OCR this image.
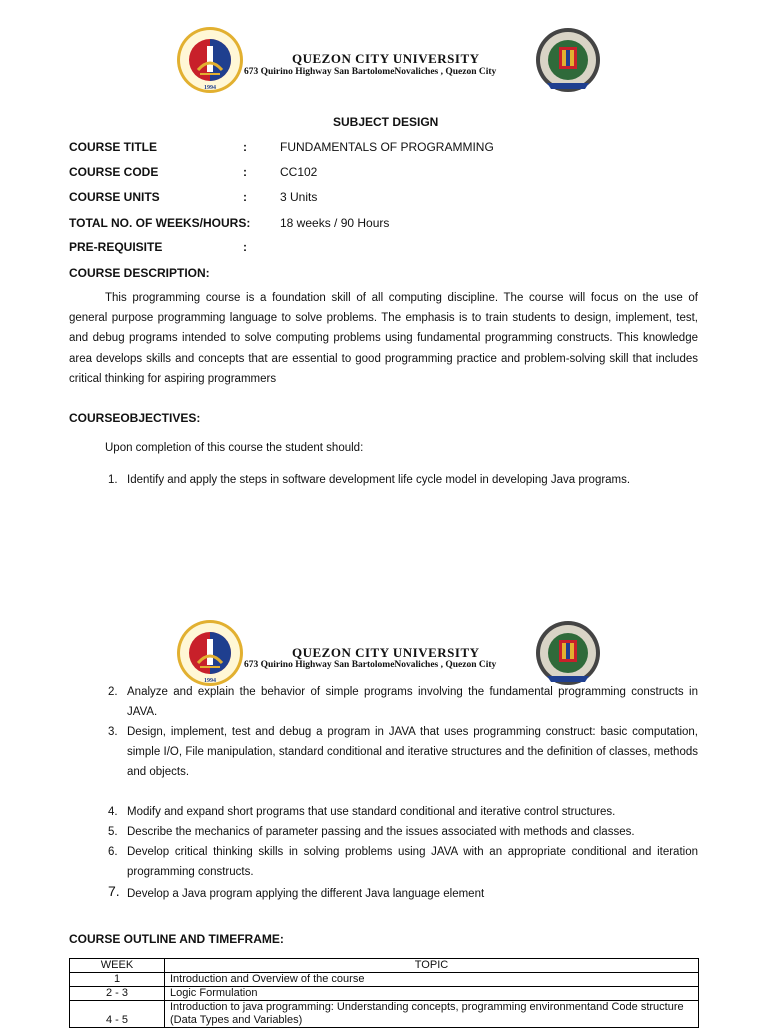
1994
QUEZON CITY UNIVERSITY
673 Quirino Highway San BartolomeNovaliches , Quezon City
SUBJECT DESIGN
COURSE TITLE	:	FUNDAMENTALS OF PROGRAMMING
COURSE CODE	:	CC102
COURSE UNITS	:	3 Units
TOTAL NO. OF WEEKS/HOURS: 18 weeks / 90 Hours
PRE-REQUISITE	:
COURSE DESCRIPTION:
This programming course is a foundation skill of all computing discipline. The course will focus on the use of
general purpose programming language to solve problems. The emphasis is to train students to design, implement, test,
and debug programs intended to solve computing problems using fundamental programming constructs. This knowledge
area develops skills and concepts that are essential to good programming practice and problem-solving skill that includes
critical thinking for aspiring programmers
COURSEOBJECTIVES:
Upon completion of this course the student should:
1. Identify and apply the steps in software development life cycle model in developing Java programs.
1994
QUEZON CITY UNIVERSITY
673 Quirino Highway San BartolomeNovaliches , Quezon City
2. Analyze and explain the behavior of simple programs involving the fundamental programming constructs in JAVA.
3. Design, implement, test and debug a program in JAVA that uses programming construct: basic computation, simple I/O, File manipulation, standard conditional and iterative structures and the definition of classes, methods and objects.
4. Modify and expand short programs that use standard conditional and iterative control structures.
5. Describe the mechanics of parameter passing and the issues associated with methods and classes.
6. Develop critical thinking skills in solving problems using JAVA with an appropriate conditional and iteration programming constructs.
7. Develop a Java program applying the different Java language element
COURSE OUTLINE AND TIMEFRAME:
WEEK	TOPIC
1	Introduction and Overview of the course
2 - 3	Logic Formulation
4 - 5	Introduction to java programming: Understanding concepts, programming environmentand Code structure (Data Types and Variables)
